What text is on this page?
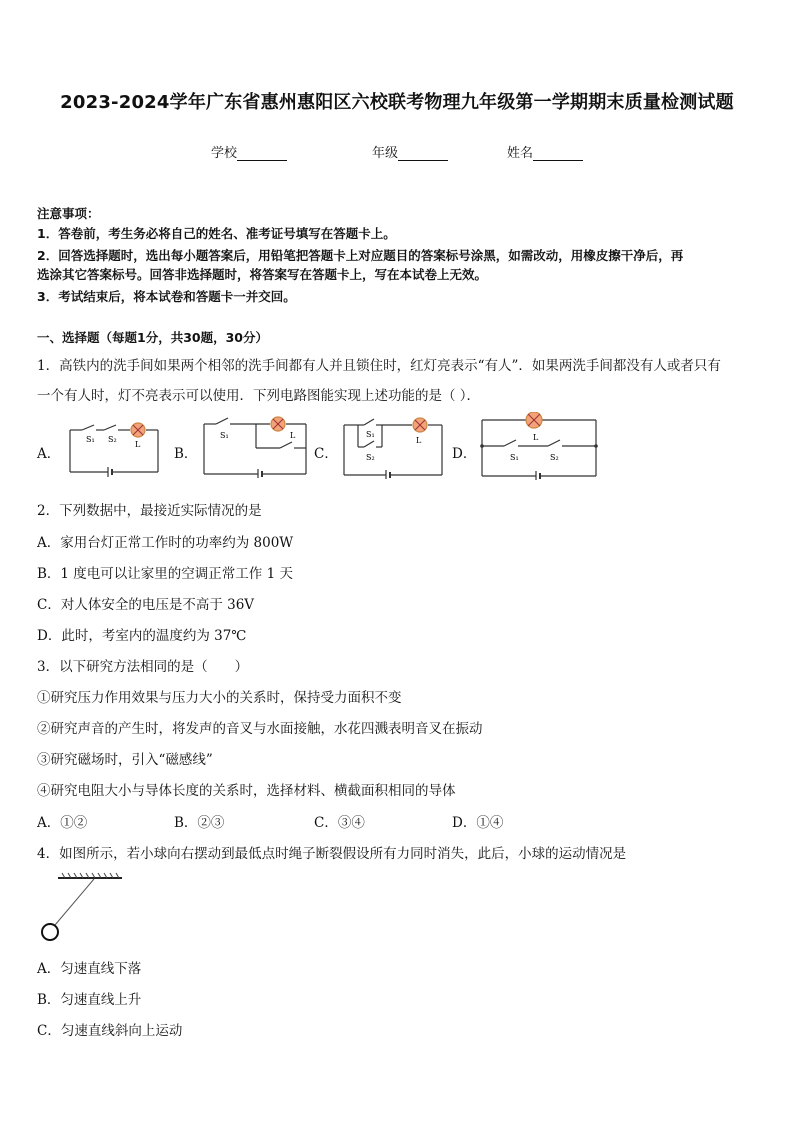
2023-2024学年广东省惠州惠阳区六校联考物理九年级第一学期期末质量检测试题
学校	年级	姓名
注意事项：
1．答卷前，考生务必将自己的姓名、准考证号填写在答题卡上。
2．回答选择题时，选出每小题答案后，用铅笔把答题卡上对应题目的答案标号涂黑，如需改动，用橡皮擦干净后，再
选涂其它答案标号。回答非选择题时，将答案写在答题卡上，写在本试卷上无效。
3．考试结束后，将本试卷和答题卡一并交回。
一、选择题（每题1分，共30题，30分）
1．高铁内的洗手间如果两个相邻的洗手间都有人并且锁住时，红灯亮表示“有人”．如果两洗手间都没有人或者只有
一个有人时，灯不亮表示可以使用．下列电路图能实现上述功能的是（ ）．
A．	B．	C．	D．
S₁ S₂
L
S₁	L	S₁
S₂
L	L
S₁	S₂
2．下列数据中，最接近实际情况的是
A．家用台灯正常工作时的功率约为 800W
B．1 度电可以让家里的空调正常工作 1 天
C．对人体安全的电压是不高于 36V
D．此时，考室内的温度约为 37℃
3．以下研究方法相同的是（　　）
①研究压力作用效果与压力大小的关系时，保持受力面积不变
②研究声音的产生时，将发声的音叉与水面接触，水花四溅表明音叉在振动
③研究磁场时，引入“磁感线”
④研究电阻大小与导体长度的关系时，选择材料、横截面积相同的导体
A．①②	B．②③	C．③④	D．①④
4．如图所示，若小球向右摆动到最低点时绳子断裂假设所有力同时消失，此后，小球的运动情况是
A．匀速直线下落
B．匀速直线上升
C．匀速直线斜向上运动
